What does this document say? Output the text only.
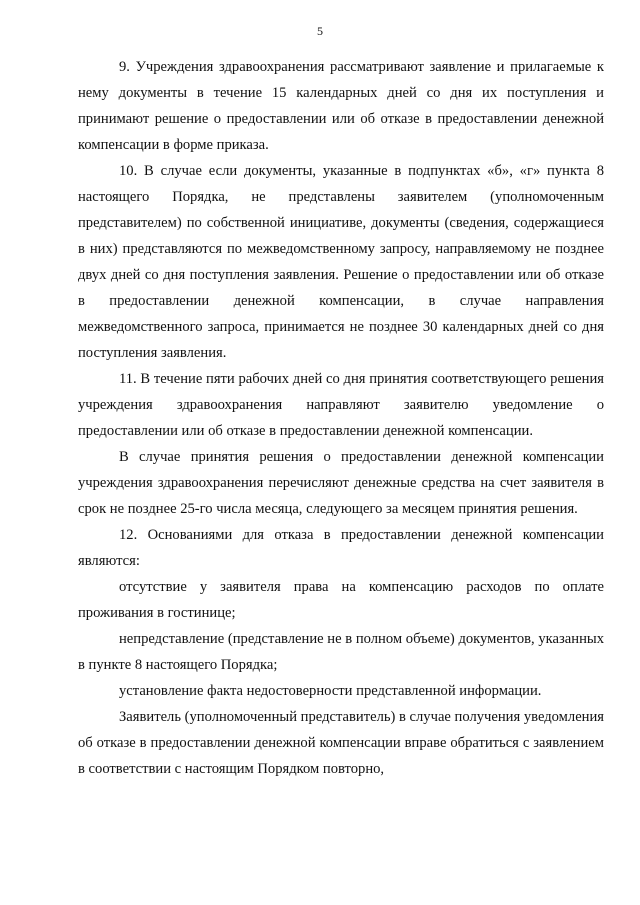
5

9. Учреждения здравоохранения рассматривают заявление и прилагаемые к нему документы в течение 15 календарных дней со дня их поступления и принимают решение о предоставлении или об отказе в предоставлении денежной компенсации в форме приказа.

10. В случае если документы, указанные в подпунктах «б», «г» пункта 8 настоящего Порядка, не представлены заявителем (уполномоченным представителем) по собственной инициативе, документы (сведения, содержащиеся в них) представляются по межведомственному запросу, направляемому не позднее двух дней со дня поступления заявления. Решение о предоставлении или об отказе в предоставлении денежной компенсации, в случае направления межведомственного запроса, принимается не позднее 30 календарных дней со дня поступления заявления.

11. В течение пяти рабочих дней со дня принятия соответствующего решения учреждения здравоохранения направляют заявителю уведомление о предоставлении или об отказе в предоставлении денежной компенсации.

В случае принятия решения о предоставлении денежной компенсации учреждения здравоохранения перечисляют денежные средства на счет заявителя в срок не позднее 25-го числа месяца, следующего за месяцем принятия решения.

12. Основаниями для отказа в предоставлении денежной компенсации являются:

отсутствие у заявителя права на компенсацию расходов по оплате проживания в гостинице;

непредставление (представление не в полном объеме) документов, указанных в пункте 8 настоящего Порядка;

установление факта недостоверности представленной информации.

Заявитель (уполномоченный представитель) в случае получения уведомления об отказе в предоставлении денежной компенсации вправе обратиться с заявлением в соответствии с настоящим Порядком повторно,
